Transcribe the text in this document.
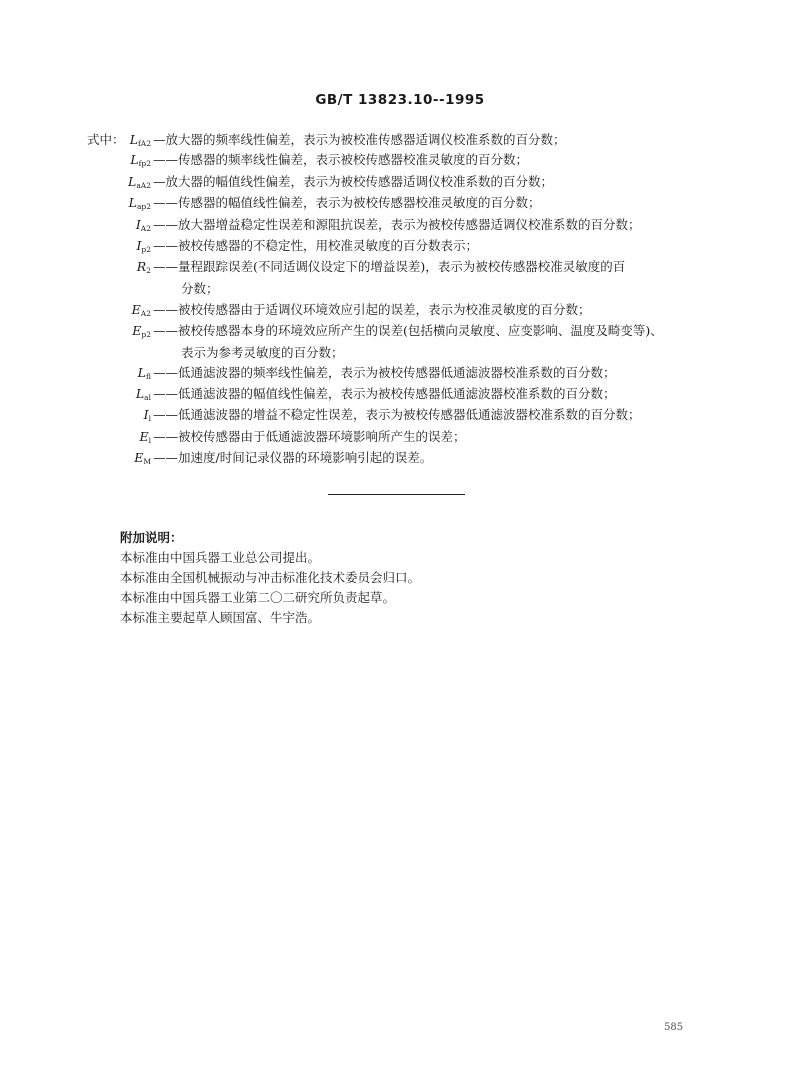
GB/T 13823.10--1995
式中： $L_{fA2}$ —放大器的频率线性偏差，表示为被校准传感器适调仪校准系数的百分数；
$L_{fp2}$ ——传感器的频率线性偏差，表示被校传感器校准灵敏度的百分数；
$L_{aA2}$ —放大器的幅值线性偏差，表示为被校传感器适调仪校准系数的百分数；
$L_{ap2}$ ——传感器的幅值线性偏差，表示为被校传感器校准灵敏度的百分数；
$I_{A2}$ ——放大器增益稳定性误差和源阻抗误差，表示为被校传感器适调仪校准系数的百分数；
$I_{p2}$ ——被校传感器的不稳定性，用校准灵敏度的百分数表示；
$R_2$ ——量程跟踪误差(不同适调仪设定下的增益误差)，表示为被校传感器校准灵敏度的百
分数；
$E_{A2}$ ——被校传感器由于适调仪环境效应引起的误差，表示为校准灵敏度的百分数；
$E_{p2}$ ——被校传感器本身的环境效应所产生的误差(包括横向灵敏度、应变影响、温度及畸变等)、
表示为参考灵敏度的百分数；
$L_{fl}$ ——低通滤波器的频率线性偏差，表示为被校传感器低通滤波器校准系数的百分数；
$L_{al}$ ——低通滤波器的幅值线性偏差，表示为被校传感器低通滤波器校准系数的百分数；
$I_l$ ——低通滤波器的增益不稳定性误差，表示为被校传感器低通滤波器校准系数的百分数；
$E_l$ ——被校传感器由于低通滤波器环境影响所产生的误差；
$E_M$ ——加速度/时间记录仪器的环境影响引起的误差。
附加说明：
本标准由中国兵器工业总公司提出。
本标准由全国机械振动与冲击标准化技术委员会归口。
本标准由中国兵器工业第二〇二研究所负责起草。
本标准主要起草人顾国富、牛宇浩。
585
